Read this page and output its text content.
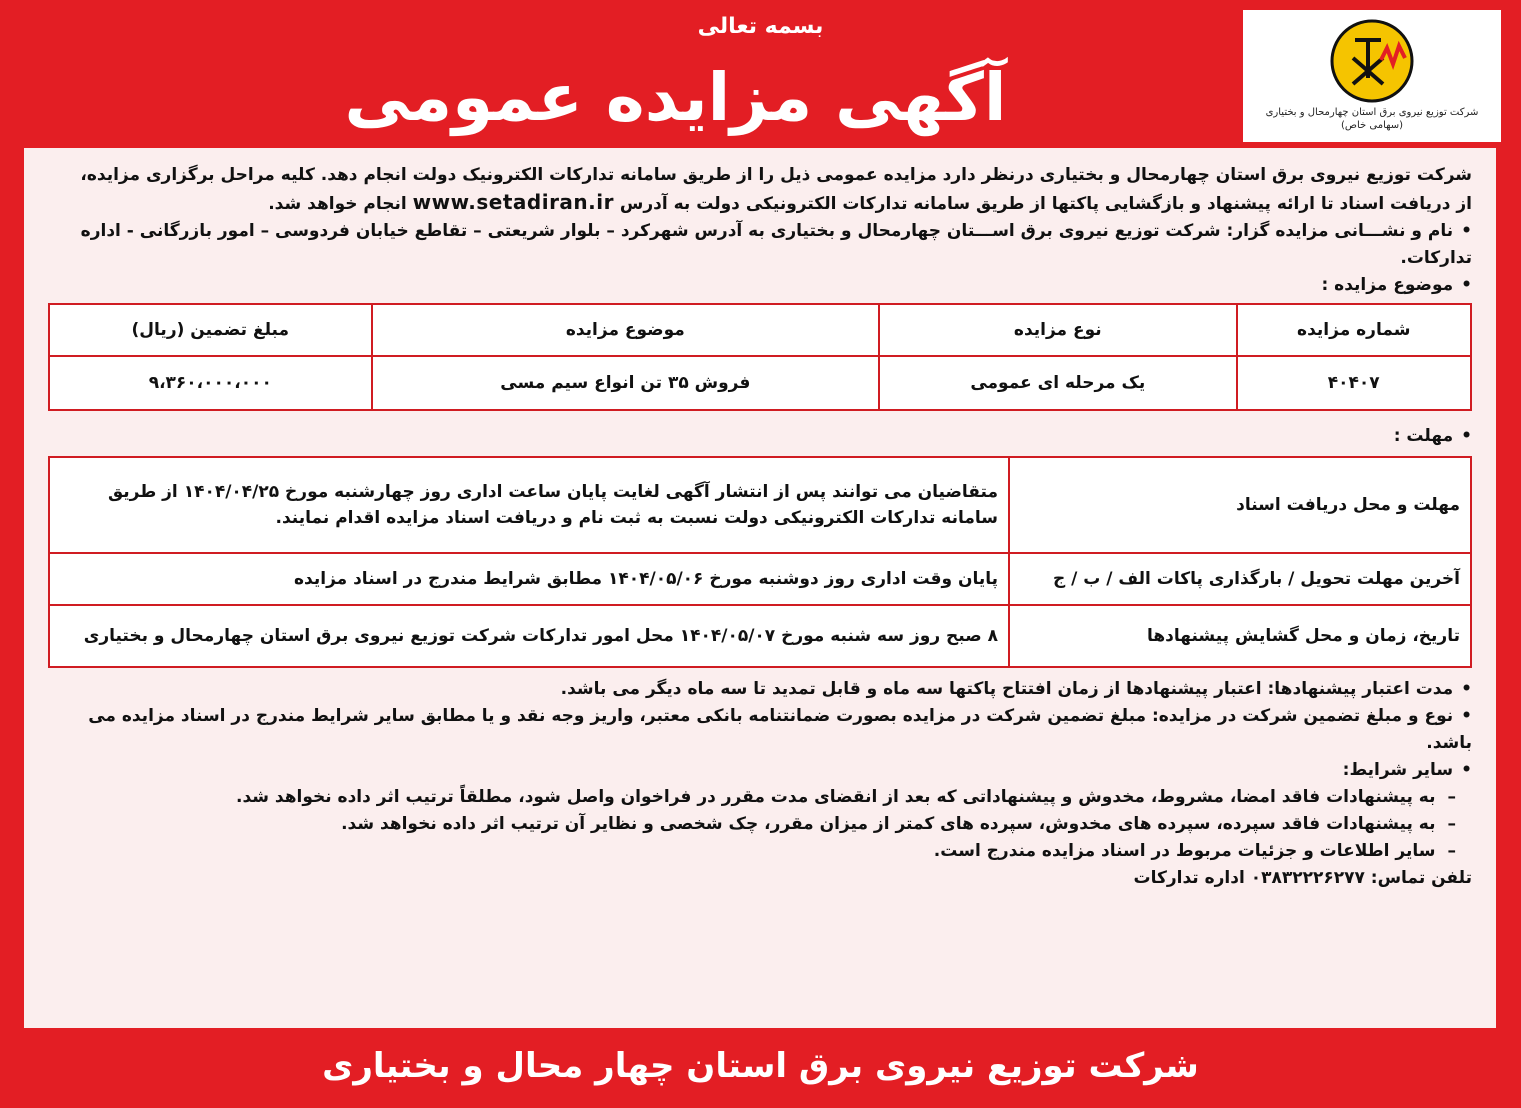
بسمه تعالی
آگهی مزایده عمومی	شرکت توزیع نیروی برق استان چهارمحال و بختیاری
(سهامی خاص)

شرکت توزیع نیروی برق استان چهارمحال و بختیاری درنظر دارد مزایده عمومی ذیل را از طریق سامانه تدارکات الکترونیک دولت انجام دهد. کلیه مراحل برگزاری مزایده،

از دریافت اسناد تا ارائه پیشنهاد و بازگشایی پاکتها از طریق سامانه تدارکات الکترونیکی دولت به آدرس www.setadiran.ir انجام خواهد شد.

• نام و نشـــانی مزایده گزار: شرکت توزیع نیروی برق اســـتان چهارمحال و بختیاری به آدرس شهرکرد – بلوار شریعتی – تقاطع خیابان فردوسی – امور بازرگانی - اداره تدارکات.

• موضوع مزایده :

شماره مزایده	نوع مزایده	موضوع مزایده	مبلغ تضمین (ریال)
۴۰۴۰۷	یک مرحله ای عمومی	فروش ۳۵ تن انواع سیم مسی	۹،۳۶۰،۰۰۰،۰۰۰

• مهلت :

مهلت و محل دریافت اسناد	متقاضیان می توانند پس از انتشار آگهی لغایت پایان ساعت اداری روز چهارشنبه مورخ ۱۴۰۴/۰۴/۲۵ از طریق سامانه تدارکات الکترونیکی دولت نسبت به ثبت نام و دریافت اسناد مزایده اقدام نمایند.
آخرین مهلت تحویل / بارگذاری پاکات الف / ب / ج	پایان وقت اداری روز دوشنبه مورخ ۱۴۰۴/۰۵/۰۶ مطابق شرایط مندرج در اسناد مزایده
تاریخ، زمان و محل گشایش پیشنهادها	۸ صبح روز سه شنبه مورخ ۱۴۰۴/۰۵/۰۷ محل امور تدارکات شرکت توزیع نیروی برق استان چهارمحال و بختیاری

• مدت اعتبار پیشنهادها: اعتبار پیشنهادها از زمان افتتاح پاکتها سه ماه و قابل تمدید تا سه ماه دیگر می باشد.

• نوع و مبلغ تضمین شرکت در مزایده: مبلغ تضمین شرکت در مزایده بصورت ضمانتنامه بانکی معتبر، واریز وجه نقد و یا مطابق سایر شرایط مندرج در اسناد مزایده می باشد.

• سایر شرایط:

– به پیشنهادات فاقد امضا، مشروط، مخدوش و پیشنهاداتی که بعد از انقضای مدت مقرر در فراخوان واصل شود، مطلقاً ترتیب اثر داده نخواهد شد.

– به پیشنهادات فاقد سپرده، سپرده های مخدوش، سپرده های کمتر از میزان مقرر، چک شخصی و نظایر آن ترتیب اثر داده نخواهد شد.

– سایر اطلاعات و جزئیات مربوط در اسناد مزایده مندرج است.

تلفن تماس: ۰۳۸۳۲۲۲۶۲۷۷ اداره تدارکات

شرکت توزیع نیروی برق استان چهار محال و بختیاری
